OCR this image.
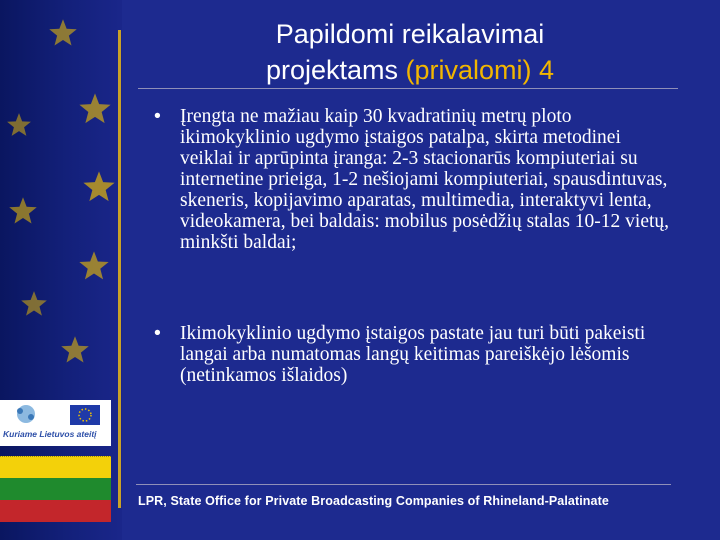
Papildomi reikalavimai
projektams (privalomi) 4
• Įrengta ne mažiau kaip 30 kvadratinių metrų ploto ikimokyklinio ugdymo įstaigos patalpa, skirta metodinei veiklai ir aprūpinta įranga: 2-3 stacionarūs kompiuteriai su internetine prieiga, 1-2 nešiojami kompiuteriai, spausdintuvas, skeneris, kopijavimo aparatas, multimedia, interaktyvi lenta, videokamera, bei baldais: mobilus posėdžių stalas 10-12 vietų, minkšti baldai;
• Ikimokyklinio ugdymo įstaigos pastate jau turi būti pakeisti langai arba numatomas langų keitimas pareiškėjo lėšomis (netinkamos išlaidos)
Kuriame Lietuvos ateitį
LPR, State Office for Private Broadcasting Companies of Rhineland-Palatinate
